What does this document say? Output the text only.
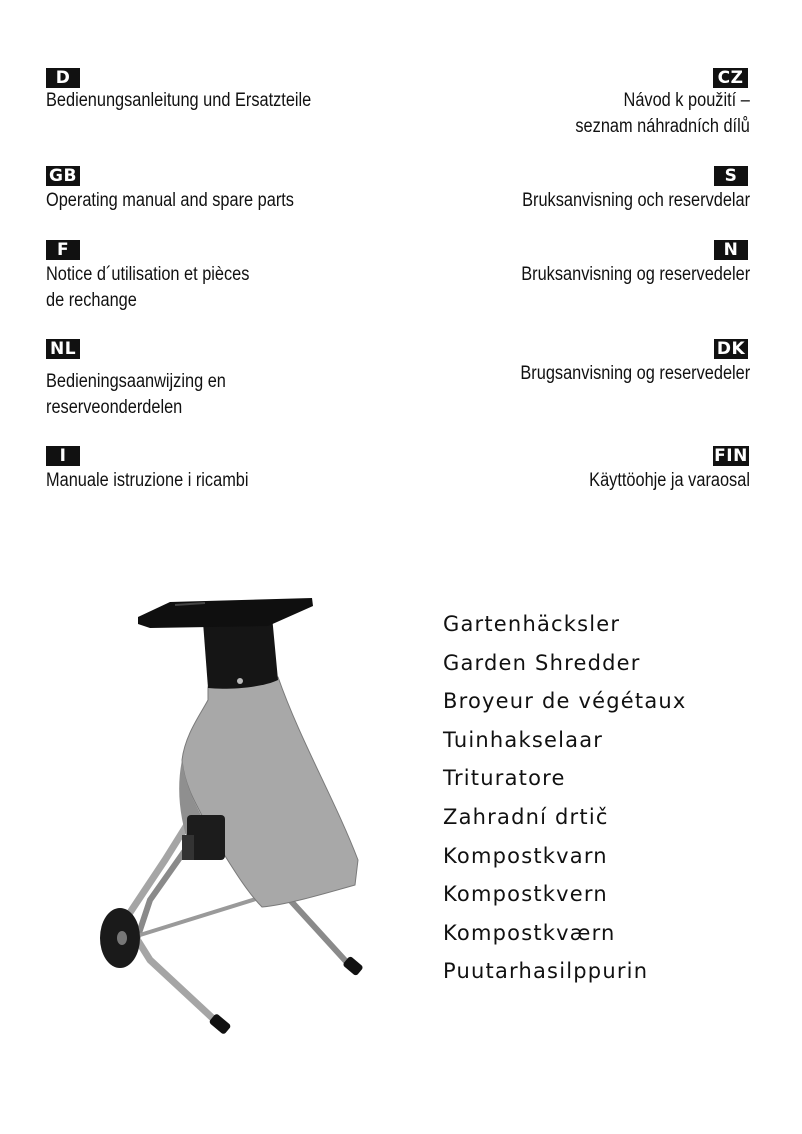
D
Bedienungsanleitung und Ersatzteile
GB
Operating manual and spare parts
F
Notice d´utilisation et pièces
de rechange
NL
Bedieningsaanwijzing en
reserveonderdelen
I
Manuale istruzione i ricambi
CZ
Návod k použití –
seznam náhradních dílů
S
Bruksanvisning och reservdelar
N
Bruksanvisning og reservedeler
DK
Brugsanvisning og reservedeler
FIN
Käyttöohje ja varaosal
Gartenhäcksler
Garden Shredder
Broyeur de végétaux
Tuinhakselaar
Trituratore
Zahradní drtič
Kompostkvarn
Kompostkvern
Kompostkværn
Puutarhasilppurin
